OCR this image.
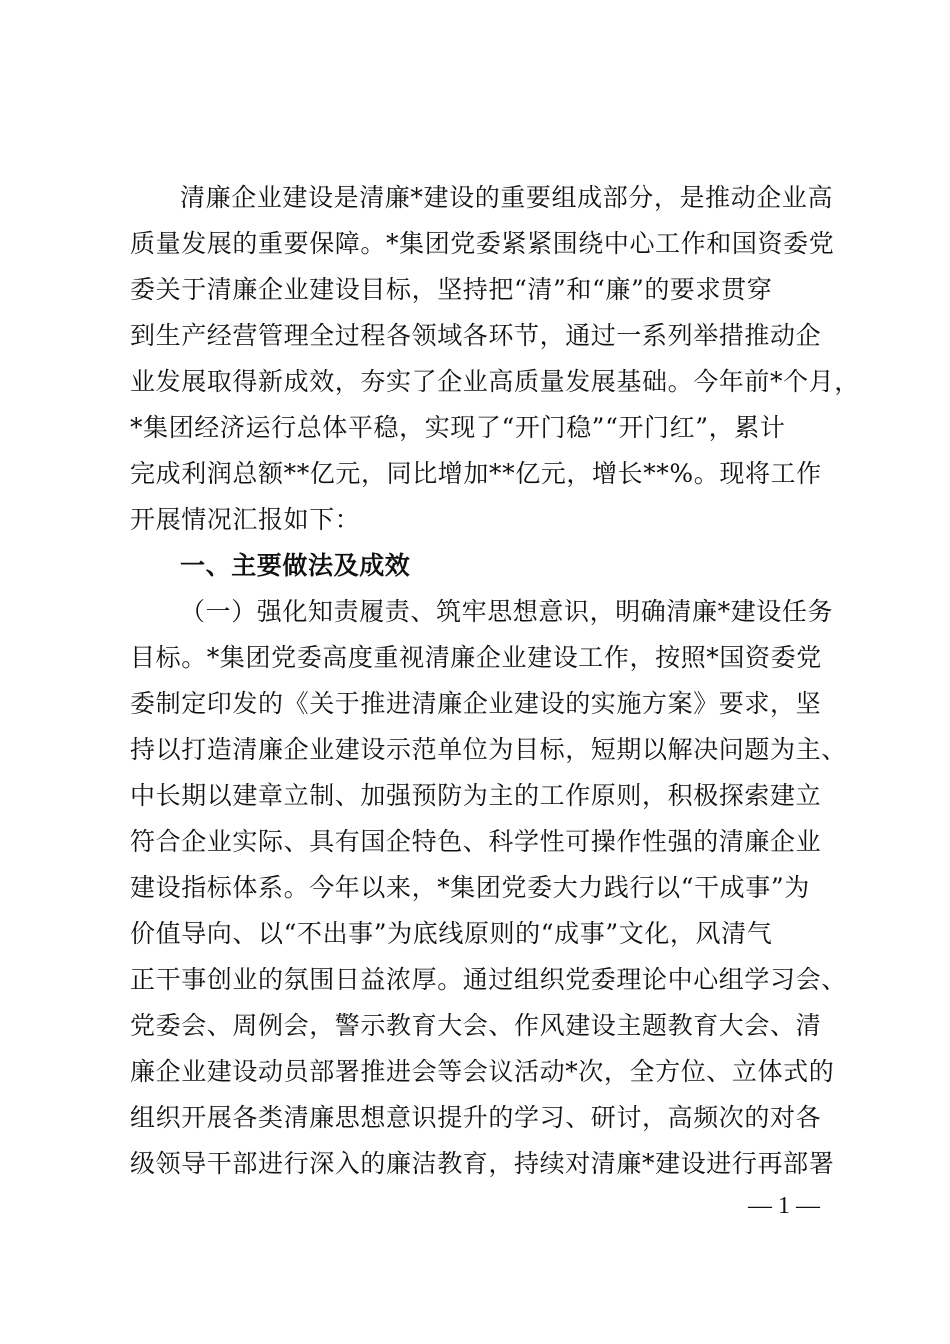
清廉企业建设是清廉*建设的重要组成部分，是推动企业高
质量发展的重要保障。*集团党委紧紧围绕中心工作和国资委党
委关于清廉企业建设目标，坚持把“清”和“廉”的要求贯穿
到生产经营管理全过程各领域各环节，通过一系列举措推动企
业发展取得新成效，夯实了企业高质量发展基础。今年前*个月，
*集团经济运行总体平稳，实现了“开门稳”“开门红”，累计
完成利润总额**亿元，同比增加**亿元，增长**%。现将工作
开展情况汇报如下：
一、主要做法及成效
（一）强化知责履责、筑牢思想意识，明确清廉*建设任务
目标。*集团党委高度重视清廉企业建设工作，按照*国资委党
委制定印发的《关于推进清廉企业建设的实施方案》要求，坚
持以打造清廉企业建设示范单位为目标，短期以解决问题为主、
中长期以建章立制、加强预防为主的工作原则，积极探索建立
符合企业实际、具有国企特色、科学性可操作性强的清廉企业
建设指标体系。今年以来，*集团党委大力践行以“干成事”为
价值导向、以“不出事”为底线原则的“成事”文化，风清气
正干事创业的氛围日益浓厚。通过组织党委理论中心组学习会、
党委会、周例会，警示教育大会、作风建设主题教育大会、清
廉企业建设动员部署推进会等会议活动*次，全方位、立体式的
组织开展各类清廉思想意识提升的学习、研讨，高频次的对各
级领导干部进行深入的廉洁教育，持续对清廉*建设进行再部署
— 1 —
